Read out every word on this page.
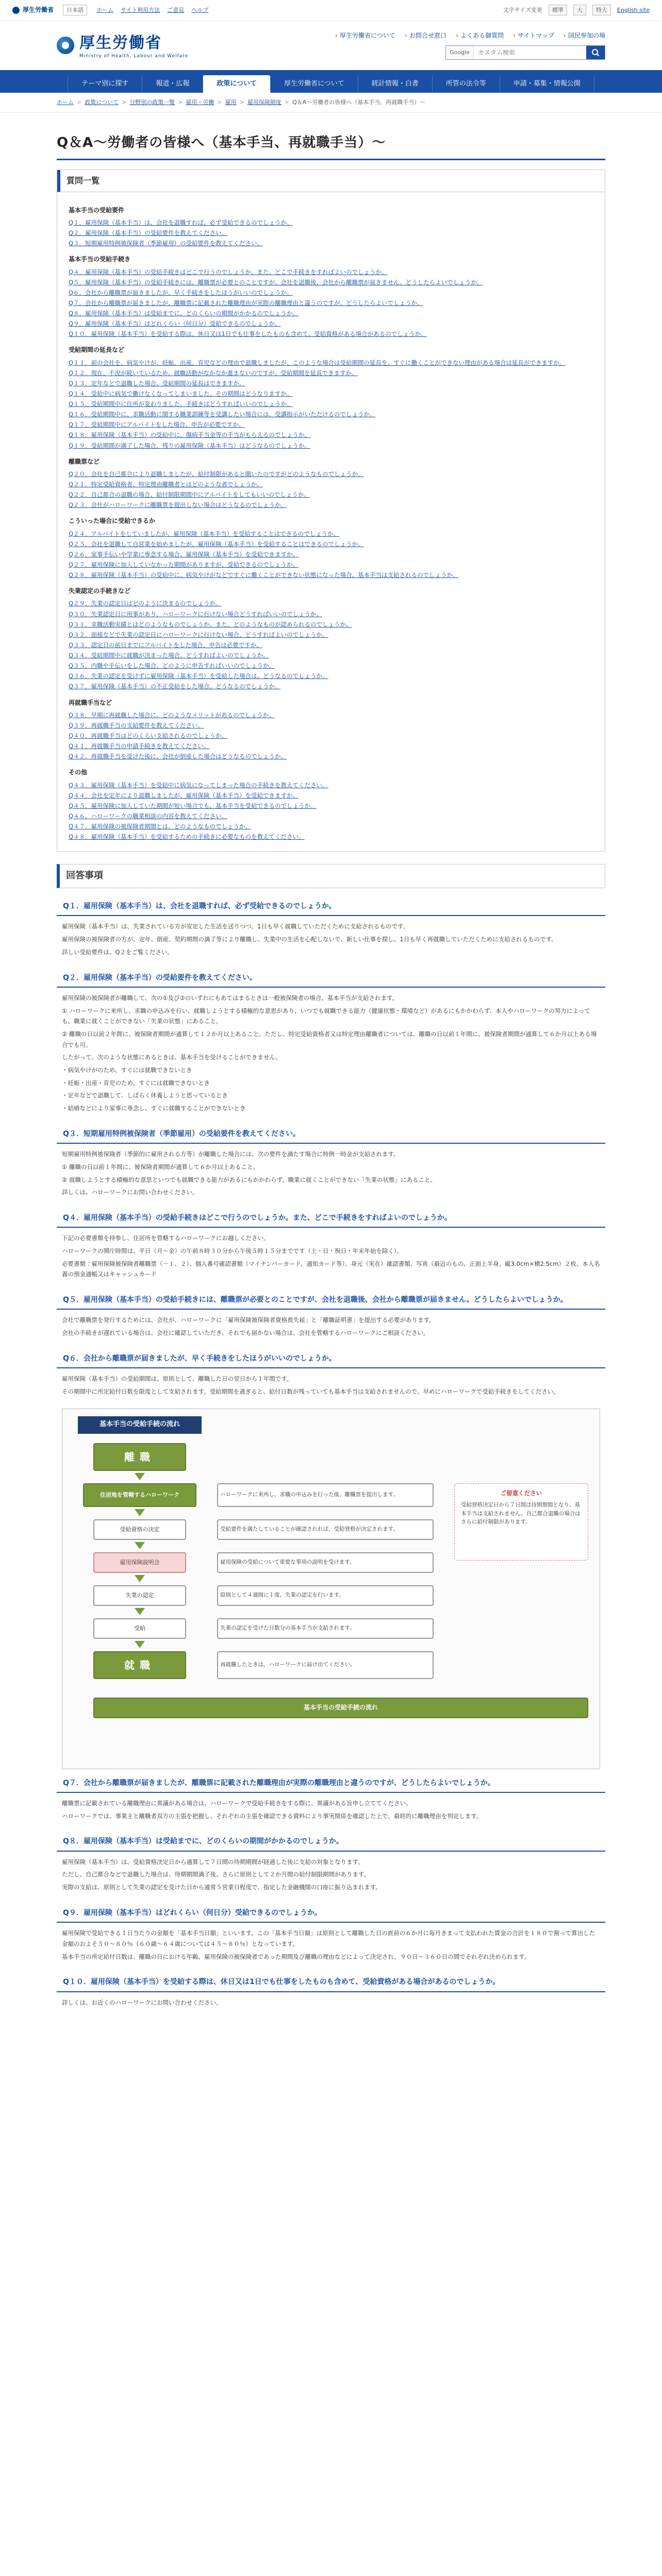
厚生労働省	日本語	ホーム サイト利用方法 ご意見 ヘルプ	文字サイズ変更	標準	大	特大	English site
厚生労働省
Ministry of Health, Labour and Welfare
› 厚生労働省について	› お問合せ窓口	› よくある御質問	› サイトマップ	› 国民参加の場
Google
カスタム検索
テーマ別に探す	報道・広報	政策について	厚生労働省について	統計情報・白書	所管の法令等	申請・募集・情報公開
ホーム > 政策について > 分野別の政策一覧 > 雇用・労働 > 雇用 > 雇用保険制度 > Q＆A～労働者の皆様へ（基本手当、再就職手当）～
Q＆A～労働者の皆様へ（基本手当、再就職手当）～
質問一覧
基本手当の受給要件
Q１．雇用保険（基本手当）は、会社を退職すれば、必ず受給できるのでしょうか。
Q２．雇用保険（基本手当）の受給要件を教えてください。
Q３．短期雇用特例被保険者（季節雇用）の受給要件を教えてください。
基本手当の受給手続き
Q４．雇用保険（基本手当）の受給手続きはどこで行うのでしょうか。また、どこで手続きをすればよいのでしょうか。
Q５．雇用保険（基本手当）の受給手続きには、離職票が必要とのことですが、会社を退職後、会社から離職票が届きません。どうしたらよいでしょうか。
Q６．会社から離職票が届きましたが、早く手続きをしたほうがいいのでしょうか。
Q７．会社から離職票が届きましたが、離職票に記載された離職理由が実際の離職理由と違うのですが、どうしたらよいでしょうか。
Q８．雇用保険（基本手当）は受給までに、どのくらいの期間がかかるのでしょうか。
Q９．雇用保険（基本手当）はどれくらい（何日分）受給できるのでしょうか。
Q１０．雇用保険（基本手当）を受給する際は、休日又は1日でも仕事をしたものも含めて、受給資格がある場合があるのでしょうか。
受給期間の延長など
Q１１．前の会社を、病気やけが、妊娠、出産、育児などの理由で退職しましたが、このような場合は受給期間の延長を、すぐに働くことができない理由がある場合は延長ができますか。
Q１２．現在、不況が続いているため、就職活動がなかなか進まないのですが、受給期間を延長できますか。
Q１３．定年などで退職した場合、受給期間の延長はできますか。
Q１４．受給中に病気で働けなくなってしまいました。その期間はどうなりますか。
Q１５．受給期間中に住所が変わりました。手続きはどうすればいいのでしょうか。
Q１６．受給期間中に、求職活動に関する職業訓練等を受講したい場合には、受講指示がいただけるのでしょうか。
Q１７．受給期間中にアルバイトをした場合、申告が必要ですか。
Q１８．雇用保険（基本手当）の受給中に、傷病手当金等の手当がもらえるのでしょうか。
Q１９．受給期間が満了した場合、残りの雇用保険（基本手当）はどうなるのでしょうか。
離職票など
Q２０．会社を自己都合により退職しましたが、給付制限があると聞いたのですがどのようなものでしょうか。
Q２１．特定受給資格者、特定理由離職者とはどのような者でしょうか。
Q２２．自己都合の退職の場合、給付制限期間中にアルバイトをしてもいいのでしょうか。
Q２３．会社がハローワークに離職票を提出しない場合はどうなるのでしょうか。
こういった場合に受給できるか
Q２４．アルバイトをしていましたが、雇用保険（基本手当）を受給することはできるのでしょうか。
Q２５．会社を退職して自営業を始めましたが、雇用保険（基本手当）を受給することはできるのでしょうか。
Q２６．家事手伝いや学業に専念する場合、雇用保険（基本手当）を受給できますか。
Q２７．雇用保険に加入していなかった期間がありますが、受給できるのでしょうか。
Q２８．雇用保険（基本手当）の受給中に、病気やけがなどですぐに働くことができない状態になった場合、基本手当は支給されるのでしょうか。
失業認定の手続きなど
Q２９．失業の認定日はどのように決まるのでしょうか。
Q３０．失業認定日に用事があり、ハローワークに行けない場合どうすればいいのでしょうか。
Q３１．求職活動実績とはどのようなものでしょうか。また、どのようなものが認められるのでしょうか。
Q３２．面接などで失業の認定日にハローワークに行けない場合、どうすればよいのでしょうか。
Q３３．認定日の前日までにアルバイトをした場合、申告は必要ですか。
Q３４．受給期間中に就職が決まった場合、どうすればよいのでしょうか。
Q３５．内職や手伝いをした場合、どのように申告すればいいのでしょうか。
Q３６．失業の認定を受けずに雇用保険（基本手当）を受給した場合は、どうなるのでしょうか。
Q３７．雇用保険（基本手当）の不正受給をした場合、どうなるのでしょうか。
再就職手当など
Q３８．早期に再就職した場合に、どのようなメリットがあるのでしょうか。
Q３９．再就職手当の支給要件を教えてください。
Q４０．再就職手当はどのくらい支給されるのでしょうか。
Q４１．再就職手当の申請手続きを教えてください。
Q４２．再就職手当を受けた後に、会社が倒産した場合はどうなるのでしょうか。
その他
Q４３．雇用保険（基本手当）を受給中に病気になってしまった場合の手続きを教えてください。
Q４４．会社を定年により退職しましたが、雇用保険（基本手当）を受給できますか。
Q４５．雇用保険に加入していた期間が短い場合でも、基本手当を受給できるのでしょうか。
Q４６．ハローワークの職業相談の内容を教えてください。
Q４７．雇用保険の被保険者期間とは、どのようなものでしょうか。
Q４８．雇用保険（基本手当）を受給するための手続きに必要なものを教えてください。
回答事項
Q１．雇用保険（基本手当）は、会社を退職すれば、必ず受給できるのでしょうか。

雇用保険（基本手当）は、失業されている方が安定した生活を送りつつ、1日も早く就職していただくために支給されるものです。

雇用保険の被保険者の方が、定年、倒産、契約期間の満了等により離職し、失業中の生活を心配しないで、新しい仕事を探し、1日も早く再就職していただくために支給されるものです。

詳しい受給要件は、Q２をご覧ください。

Q２．雇用保険（基本手当）の受給要件を教えてください。

雇用保険の被保険者が離職して、次の①及び②のいずれにもあてはまるときは一般被保険者の場合、基本手当が支給されます。

① ハローワークに来所し、求職の申込みを行い、就職しようとする積極的な意思があり、いつでも就職できる能力（健康状態・環境など）があるにもかかわらず、本人やハローワークの努力によっても、職業に就くことができない「失業の状態」にあること。

② 離職の日以前２年間に、被保険者期間が通算して１２か月以上あること。ただし、特定受給資格者又は特定理由離職者については、離職の日以前１年間に、被保険者期間が通算して６か月以上ある場合でも可。

したがって、次のような状態にあるときは、基本手当を受けることができません。

・病気やけがのため、すぐには就職できないとき

・妊娠・出産・育児のため、すぐには就職できないとき

・定年などで退職して、しばらく休養しようと思っているとき

・結婚などにより家事に専念し、すぐに就職することができないとき

Q３．短期雇用特例被保険者（季節雇用）の受給要件を教えてください。

短期雇用特例被保険者（季節的に雇用される方等）が離職した場合には、次の要件を満たす場合に特例一時金が支給されます。

① 離職の日以前１年間に、被保険者期間が通算して６か月以上あること。

② 就職しようとする積極的な意思といつでも就職できる能力があるにもかかわらず、職業に就くことができない「失業の状態」にあること。

詳しくは、ハローワークにお問い合わせください。

Q４．雇用保険（基本手当）の受給手続きはどこで行うのでしょうか。また、どこで手続きをすればよいのでしょうか。

下記の必要書類を持参し、住居所を管轄するハローワークにお越しください。

ハローワークの開庁時間は、平日（月～金）の午前８時３０分から午後５時１５分までです（土・日・祝日・年末年始を除く）。

必要書類：雇用保険被保険者離職票（－１、２）、個人番号確認書類（マイナンバーカード、通知カード等）、身元（実在）確認書類、写真（最近のもの、正面上半身、縦3.0cm×横2.5cm）２枚、本人名義の預金通帳又はキャッシュカード

Q５．雇用保険（基本手当）の受給手続きには、離職票が必要とのことですが、会社を退職後、会社から離職票が届きません。どうしたらよいでしょうか。

会社で離職票を発行するためには、会社が、ハローワークに「雇用保険被保険者資格喪失届」と「離職証明書」を提出する必要があります。

会社の手続きが遅れている場合は、会社に確認していただき、それでも届かない場合は、会社を管轄するハローワークにご相談ください。

Q６．会社から離職票が届きましたが、早く手続きをしたほうがいいのでしょうか。

雇用保険（基本手当）の受給期間は、原則として、離職した日の翌日から１年間です。

その期間中に所定給付日数を限度として支給されます。受給期間を過ぎると、給付日数が残っていても基本手当は支給されませんので、早めにハローワークで受給手続きをしてください。

基本手当の受給手続の流れ
離職
住居地を管轄するハローワーク
受給資格の決定
雇用保険説明会
失業の認定
受給
就職
ハローワークに来所し、求職の申込みを行った後、離職票を提出します。
受給要件を満たしていることが確認されれば、受給資格が決定されます。
雇用保険の受給について重要な事項の説明を受けます。
原則として４週間に１度、失業の認定を行います。
失業の認定を受けた日数分の基本手当が支給されます。
再就職したときは、ハローワークに届け出てください。
ご留意ください
受給資格決定日から７日間は待期期間となり、基本手当は支給されません。自己都合退職の場合はさらに給付制限があります。
基本手当の受給手続の流れ
Q７．会社から離職票が届きましたが、離職票に記載された離職理由が実際の離職理由と違うのですが、どうしたらよいでしょうか。

離職票に記載されている離職理由に異議がある場合は、ハローワークで受給手続きをする際に、異議がある旨申し立ててください。

ハローワークでは、事業主と離職者双方の主張を把握し、それぞれの主張を確認できる資料により事実関係を確認した上で、最終的に離職理由を判定します。

Q８．雇用保険（基本手当）は受給までに、どのくらいの期間がかかるのでしょうか。

雇用保険（基本手当）は、受給資格決定日から通算して７日間の待期期間が経過した後に支給の対象となります。

ただし、自己都合などで退職した場合は、待期期間満了後、さらに原則として２か月間の給付制限期間があります。

実際の支給は、原則として失業の認定を受けた日から通常５営業日程度で、指定した金融機関の口座に振り込まれます。

Q９．雇用保険（基本手当）はどれくらい（何日分）受給できるのでしょうか。

雇用保険で受給できる１日当たりの金額を「基本手当日額」といいます。この「基本手当日額」は原則として離職した日の直前の６か月に毎月きまって支払われた賃金の合計を１８０で割って算出した金額のおよそ５０～８０％（６０歳～６４歳については４５～８０％）となっています。

基本手当の所定給付日数は、離職の日における年齢、雇用保険の被保険者であった期間及び離職の理由などによって決定され、９０日～３６０日の間でそれぞれ決められます。

Q１０．雇用保険（基本手当）を受給する際は、休日又は1日でも仕事をしたものも含めて、受給資格がある場合があるのでしょうか。

詳しくは、お近くのハローワークにお問い合わせください。
